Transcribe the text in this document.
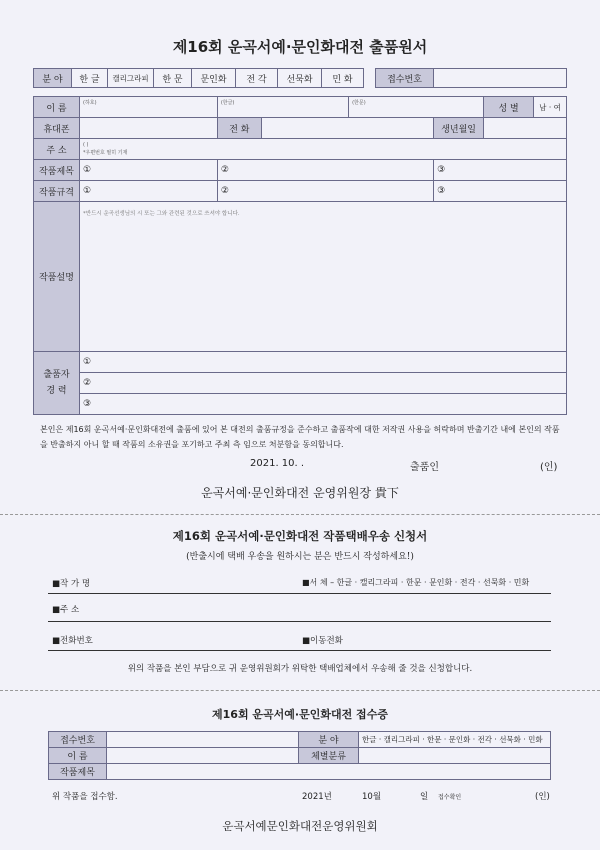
제16회 운곡서예·문인화대전 출품원서
분 야	한 글	캘리그라피	한 문	문인화	전 각	선묵화	민 화		접수번호	
이 름	(하호)	(한글)		(한문)		성 별	남 · 여
휴대폰		전 화			생년월일		
주 소	( )
*우편번호 필히 기재						
작품제목	①	②			③		
작품규격	①	②			③		
작품설명	*반드시 운곡선생님의 시 또는 그와 관련된 것으로 쓰셔야 합니다.						
출품자
경 력	①						
	②						
	③						
본인은 제16회 운곡서예·문인화대전에 출품에 있어 본 대전의 출품규정을 준수하고 출품작에 대한 저작권 사용을 허락하며 반출기간 내에 본인의 작품을 반출하지 아니 할 때 작품의 소유권을 포기하고 주최 측 임으로 처분함을 동의합니다.
2021. 10. .	출품인	(인)
운곡서예·문인화대전 운영위원장 貴下
제16회 운곡서예·문인화대전 작품택배우송 신청서
(반출시에 택배 우송을 원하시는 분은 반드시 작성하세요!)
■작 가 명	■서 체 – 한글 · 캘리그라피 · 한문 · 문인화 · 전각 · 선묵화 · 민화
■주 소
■전화번호	■이동전화
위의 작품을 본인 부담으로 귀 운영위원회가 위탁한 택배업체에서 우송해 줄 것을 신청합니다.
제16회 운곡서예·문인화대전 접수증
접수번호		분 야	한글 · 캘리그라피 · 한문 · 문인화 · 전각 · 선묵화 · 민화
이 름		체별분류	
작품제목			
위 작품을 접수함.	2021년	10월	일 접수확인	(인)
운곡서예문인화대전운영위원회
